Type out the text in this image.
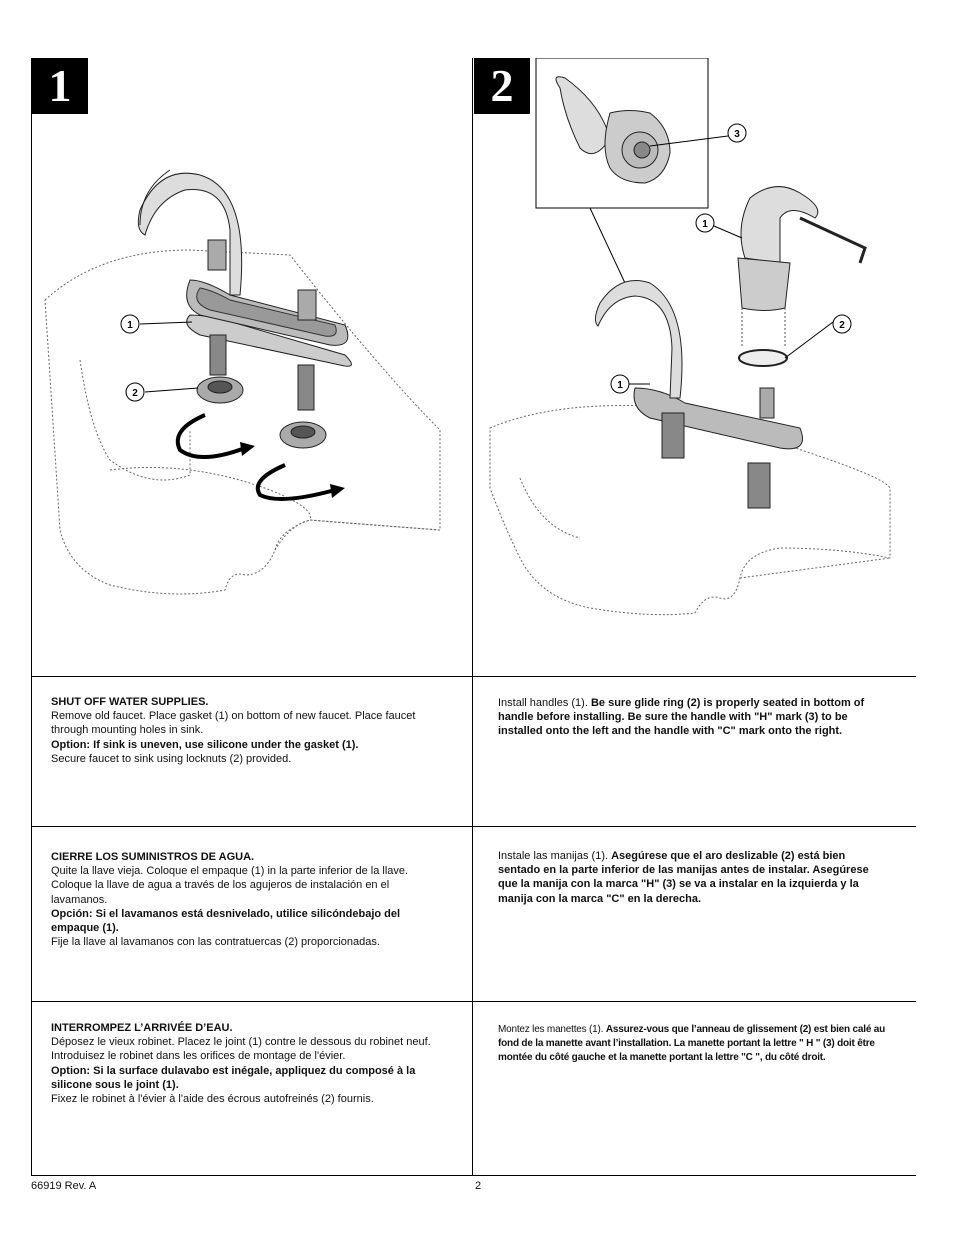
1	2
1
2
3
1
2
1
SHUT OFF WATER SUPPLIES.
Remove old faucet. Place gasket (1) on bottom of new faucet. Place faucet through mounting holes in sink.
Option: If sink is uneven, use silicone under the gasket (1).
Secure faucet to sink using locknuts (2) provided.
CIERRE LOS SUMINISTROS DE AGUA.
Quite la llave vieja. Coloque el empaque (1) in la parte inferior de la llave. Coloque la llave de agua a través de los agujeros de instalación en el lavamanos.
Opción: Si el lavamanos está desnivelado, utilice silicóndebajo del empaque (1).
Fije la llave al lavamanos con las contratuercas (2) proporcionadas.
INTERROMPEZ L’ARRIVÉE D’EAU.
Déposez le vieux robinet. Placez le joint (1) contre le dessous du robinet neuf. Introduisez le robinet dans les orifices de montage de l'évier.
Option: Si la surface dulavabo est inégale, appliquez du composé à la silicone sous le joint (1).
Fixez le robinet à l'évier à l'aide des écrous autofreinés (2) fournis.
Install handles (1). Be sure glide ring (2) is properly seated in bottom of handle before installing. Be sure the handle with "H" mark (3) to be installed onto the left and the handle with "C" mark onto the right.
Instale las manijas (1). Asegúrese que el aro deslizable (2) está bien sentado en la parte inferior de las manijas antes de instalar. Asegúrese que la manija con la marca "H" (3) se va a instalar en la izquierda y la manija con la marca "C" en la derecha.
Montez les manettes (1). Assurez-vous que l’anneau de glissement (2) est bien calé au fond de la manette avant l’installation. La manette portant la lettre " H " (3) doit être montée du côté gauche et la manette portant la lettre "C ", du côté droit.
66919 Rev. A	2
